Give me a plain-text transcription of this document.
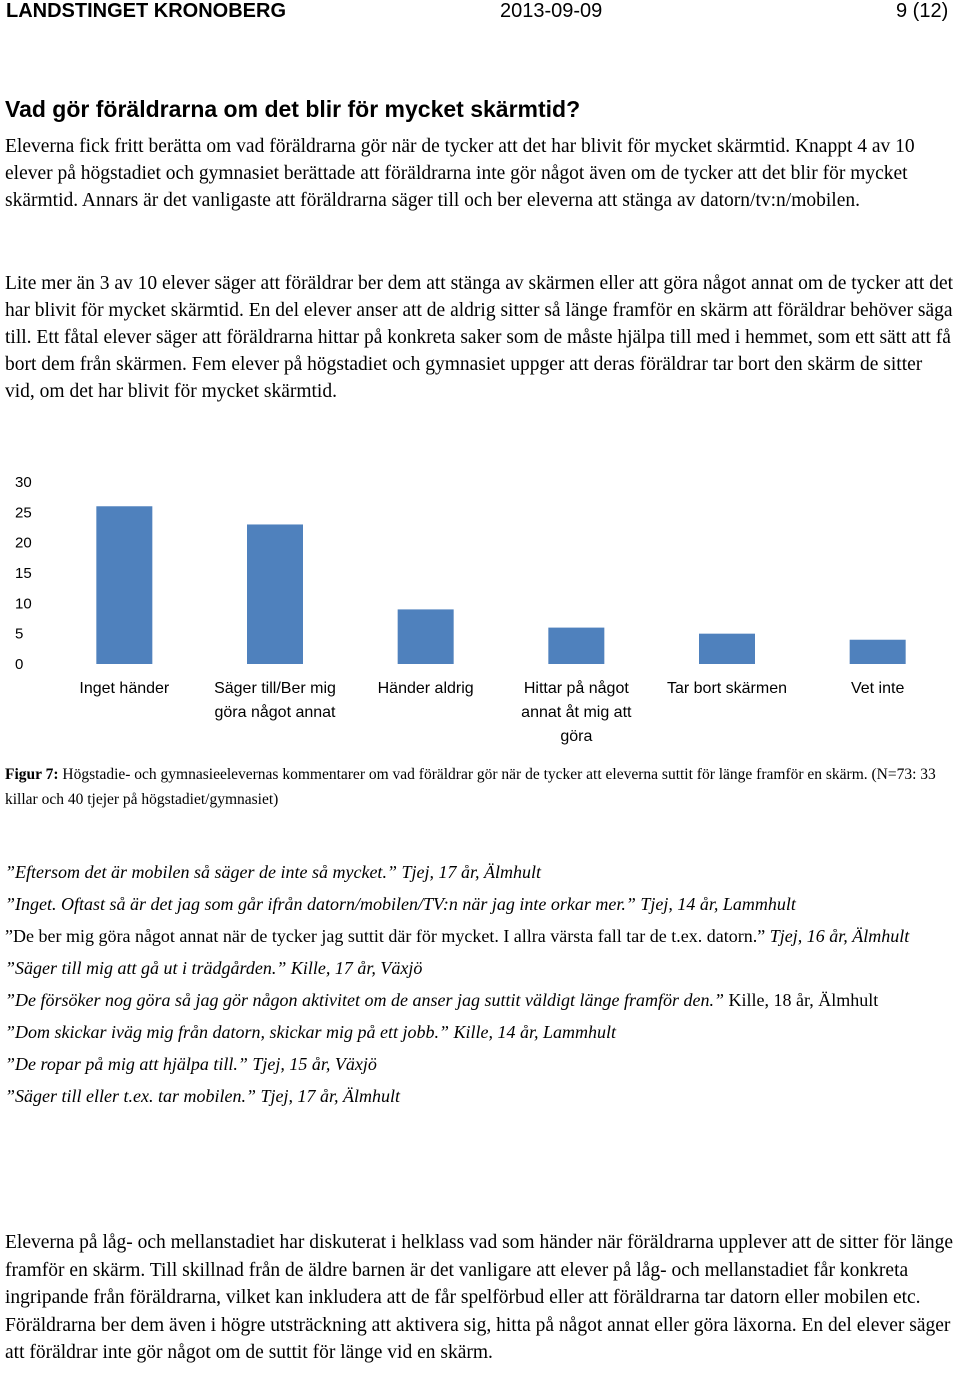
LANDSTINGET KRONOBERG	2013-09-09	9 (12)
Vad gör föräldrarna om det blir för mycket skärmtid?

Eleverna fick fritt berätta om vad föräldrarna gör när de tycker att det har blivit för mycket skärmtid. Knappt 4 av 10 elever på högstadiet och gymnasiet berättade att föräldrarna inte gör något även om de tycker att det blir för mycket skärmtid. Annars är det vanligaste att föräldrarna säger till och ber eleverna att stänga av datorn/tv:n/mobilen.

Lite mer än 3 av 10 elever säger att föräldrar ber dem att stänga av skärmen eller att göra något annat om de tycker att det har blivit för mycket skärmtid. En del elever anser att de aldrig sitter så länge framför en skärm att föräldrar behöver säga till. Ett fåtal elever säger att föräldrarna hittar på konkreta saker som de måste hjälpa till med i hemmet, som ett sätt att få bort dem från skärmen. Fem elever på högstadiet och gymnasiet uppger att deras föräldrar tar bort den skärm de sitter vid, om det har blivit för mycket skärmtid.

0
5
10
15
20
25
30
Inget händer	Säger till/Ber mig göra något annat
Händer aldrig	Hittar på något annat åt mig att göra
Tar bort skärmen	Vet inte

Figur 7: Högstadie- och gymnasieelevernas kommentarer om vad föräldrar gör när de tycker att eleverna suttit för länge framför en skärm. (N=73: 33 killar och 40 tjejer på högstadiet/gymnasiet)

”Eftersom det är mobilen så säger de inte så mycket.” Tjej, 17 år, Älmhult

”Inget. Oftast så är det jag som går ifrån datorn/mobilen/TV:n när jag inte orkar mer.” Tjej, 14 år, Lammhult

”De ber mig göra något annat när de tycker jag suttit där för mycket. I allra värsta fall tar de t.ex. datorn.” Tjej, 16 år, Älmhult

”Säger till mig att gå ut i trädgården.” Kille, 17 år, Växjö

”De försöker nog göra så jag gör någon aktivitet om de anser jag suttit väldigt länge framför den.” Kille, 18 år, Älmhult

”Dom skickar iväg mig från datorn, skickar mig på ett jobb.” Kille, 14 år, Lammhult

”De ropar på mig att hjälpa till.” Tjej, 15 år, Växjö

”Säger till eller t.ex. tar mobilen.” Tjej, 17 år, Älmhult

Eleverna på låg- och mellanstadiet har diskuterat i helklass vad som händer när föräldrarna upplever att de sitter för länge framför en skärm. Till skillnad från de äldre barnen är det vanligare att elever på låg- och mellanstadiet får konkreta ingripande från föräldrarna, vilket kan inkludera att de får spelförbud eller att föräldrarna tar datorn eller mobilen etc. Föräldrarna ber dem även i högre utsträckning att aktivera sig, hitta på något annat eller göra läxorna. En del elever säger att föräldrar inte gör något om de suttit för länge vid en skärm.
